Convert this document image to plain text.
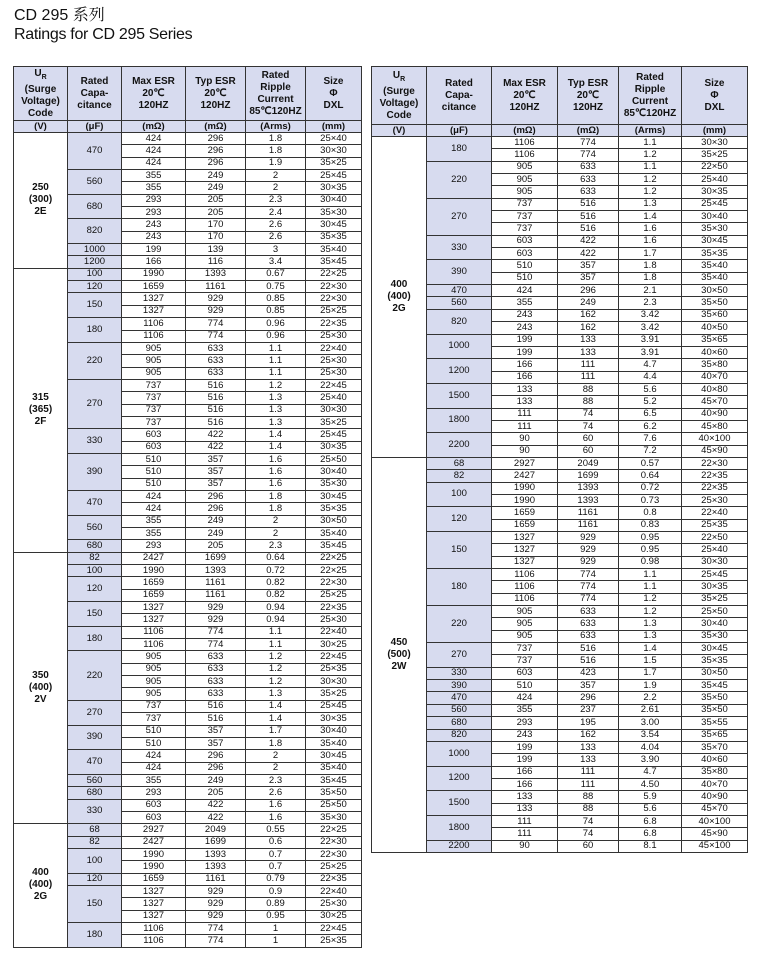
CD 295 系列
Ratings for CD 295 Series
$U_R$
(Surge
Voltage)
Code	Rated
Capa-
citance	Max ESR
20℃
120HZ	Typ ESR
20℃
120HZ	Rated
Ripple
Current
85℃120HZ	Size
Φ
DXL
(V)	(μF)	(mΩ)	(mΩ)	(Arms)	(mm)
250
(300)
2E	470	424	296	1.8	25×40
		424	296	1.8	30×30
		424	296	1.9	35×25
	560	355	249	2	25×45
		355	249	2	30×35
	680	293	205	2.3	30×40
		293	205	2.4	35×30
	820	243	170	2.6	30×45
		243	170	2.6	35×35
	1000	199	139	3	35×40
	1200	166	116	3.4	35×45
315
(365)
2F	100	1990	1393	0.67	22×25
	120	1659	1161	0.75	22×30
	150	1327	929	0.85	22×30
		1327	929	0.85	25×25
	180	1106	774	0.96	22×35
		1106	774	0.96	25×30
	220	905	633	1.1	22×40
		905	633	1.1	25×30
		905	633	1.1	25×30
	270	737	516	1.2	22×45
		737	516	1.3	25×40
		737	516	1.3	30×30
		737	516	1.3	35×25
	330	603	422	1.4	25×45
		603	422	1.4	30×35
	390	510	357	1.6	25×50
		510	357	1.6	30×40
		510	357	1.6	35×30
	470	424	296	1.8	30×45
		424	296	1.8	35×35
	560	355	249	2	30×50
		355	249	2	35×40
	680	293	205	2.3	35×45
350
(400)
2V	82	2427	1699	0.64	22×25
	100	1990	1393	0.72	22×25
	120	1659	1161	0.82	22×30
		1659	1161	0.82	25×25
	150	1327	929	0.94	22×35
		1327	929	0.94	25×30
	180	1106	774	1.1	22×40
		1106	774	1.1	30×25
	220	905	633	1.2	22×45
		905	633	1.2	25×35
		905	633	1.2	30×30
		905	633	1.3	35×25
	270	737	516	1.4	25×45
		737	516	1.4	30×35
	390	510	357	1.7	30×40
		510	357	1.8	35×40
	470	424	296	2	30×45
		424	296	2	35×40
	560	355	249	2.3	35×45
	680	293	205	2.6	35×50
	330	603	422	1.6	25×50
		603	422	1.6	35×30
400
(400)
2G	68	2927	2049	0.55	22×25
	82	2427	1699	0.6	22×30
	100	1990	1393	0.7	22×30
		1990	1393	0.7	25×25
	120	1659	1161	0.79	22×35
	150	1327	929	0.9	22×40
		1327	929	0.89	25×30
		1327	929	0.95	30×25
	180	1106	774	1	22×45
		1106	774	1	25×35
$U_R$
(Surge
Voltage)
Code	Rated
Capa-
citance	Max ESR
20℃
120HZ	Typ ESR
20℃
120HZ	Rated
Ripple
Current
85℃120HZ	Size
Φ
DXL
(V)	(μF)	(mΩ)	(mΩ)	(Arms)	(mm)
400
(400)
2G	180	1106	774	1.1	30×30
		1106	774	1.2	35×25
	220	905	633	1.1	22×50
		905	633	1.2	25×40
		905	633	1.2	30×35
	270	737	516	1.3	25×45
		737	516	1.4	30×40
		737	516	1.6	35×30
	330	603	422	1.6	30×45
		603	422	1.7	35×35
	390	510	357	1.8	35×40
		510	357	1.8	35×40
	470	424	296	2.1	30×50
	560	355	249	2.3	35×50
	820	243	162	3.42	35×60
		243	162	3.42	40×50
	1000	199	133	3.91	35×65
		199	133	3.91	40×60
	1200	166	111	4.7	35×80
		166	111	4.4	40×70
	1500	133	88	5.6	40×80
		133	88	5.2	45×70
	1800	111	74	6.5	40×90
		111	74	6.2	45×80
	2200	90	60	7.6	40×100
		90	60	7.2	45×90
450
(500)
2W	68	2927	2049	0.57	22×30
	82	2427	1699	0.64	22×35
	100	1990	1393	0.72	22×35
		1990	1393	0.73	25×30
	120	1659	1161	0.8	22×40
		1659	1161	0.83	25×35
	150	1327	929	0.95	22×50
		1327	929	0.95	25×40
		1327	929	0.98	30×30
	180	1106	774	1.1	25×45
		1106	774	1.1	30×35
		1106	774	1.2	35×25
	220	905	633	1.2	25×50
		905	633	1.3	30×40
		905	633	1.3	35×30
	270	737	516	1.4	30×45
		737	516	1.5	35×35
	330	603	423	1.7	30×50
	390	510	357	1.9	35×45
	470	424	296	2.2	35×50
	560	355	237	2.61	35×50
	680	293	195	3.00	35×55
	820	243	162	3.54	35×65
	1000	199	133	4.04	35×70
		199	133	3.90	40×60
	1200	166	111	4.7	35×80
		166	111	4.50	40×70
	1500	133	88	5.9	40×90
		133	88	5.6	45×70
	1800	111	74	6.8	40×100
		111	74	6.8	45×90
	2200	90	60	8.1	45×100
